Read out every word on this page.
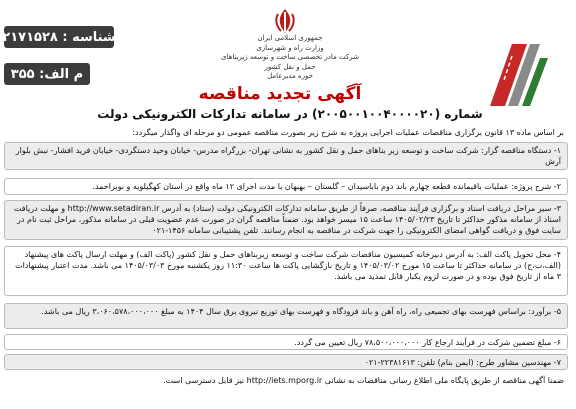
جمهوری اسلامی ایران
وزارت راه و شهرسازی
شرکت مادر تخصصی ساخت و توسعه زیربناهای حمل و نقل کشور
حوزه مدیرعامل
شناسه : ۲۱۷۱۵۲۸
م الف: ۳۵۵
آگهی تجدید مناقصه
شماره (۲۰۰۵۰۰۱۰۰۴۰۰۰۰۲۰) در سامانه تدارکات الکترونیکی دولت
بر اساس ماده ۱۳ قانون برگزاری مناقصات عملیات اجرایی پروژه به شرح زیر بصورت مناقصه عمومی دو مرحله ای واگذار میگردد:
۱- دستگاه مناقصه گزار: شرکت ساخت و توسعه زیر بناهای حمل و نقل کشور به نشانی تهران- بزرگراه مدرس- خیابان وحید دستگردی- خیابان فرید افشار- نبش بلوار آرش
۲- شرح پروژه: عملیات باقیمانده قطعه چهارم باند دوم باباسیدان – گلستان – بهبهان با مدت اجرای ۱۲ ماه واقع در استان کهگیلویه و بویراحمد.
۳- سیر مراحل دریافت اسناد و برگزاری فرآیند مناقصه، صرفاً از طریق سامانه تدارکات الکترونیکی دولت (ستاد) به آدرس http://www.setadiran.ir و مهلت دریافت اسناد از سامانه مذکور حداکثر تا تاریخ ۱۴۰۵/۰۲/۲۳ ساعت ۱۵ میسر خواهد بود. ضمناً مناقصه گران در صورت عدم عضویت قبلی در سامانه مذکور، مراحل ثبت نام در سایت فوق و دریافت گواهی امضای الکترونیکی را جهت شرکت در مناقصه به انجام رسانند. تلفن پشتیبانی سامانه ۱۴۵۶-۰۲۱
۴- محل تحویل پاکت الف: به آدرس دبیرخانه کمیسیون مناقصات شرکت ساخت و توسعه زیربناهای حمل و نقل کشور (پاکت الف) و مهلت ارسال پاکت های پیشنهاد (الف،ب،ج) در سامانه حداکثر تا ساعت ۱۵ مورخ ۱۴۰۵/۰۳/۰۲ و تاریخ بازگشایی پاکت ها ساعت ۱۱:۳۰ روز یکشنبه مورخ ۱۴۰۵/۰۳/۰۳ می باشد. مدت اعتبار پیشنهادات ۳ ماه از تاریخ فوق بوده و در صورت لزوم یکبار قابل تمدید می باشد.
۵- برآورد: براساس فهرست بهای تجمیعی راه، راه آهن و باند فرودگاه و فهرست بهای توزیع نیروی برق سال ۱۴۰۴ به مبلغ ۳،۰۶۰،۵۷۸،۰۰۰،۰۰۰ ریال می باشد.
۶- مبلغ تضمین شرکت در فرآیند ارجاع کار ۷۸،۵۰۰،۰۰۰،۰۰۰ ریال تعیین می گردد.
۷- مهندسین مشاور طرح: (ایمن بنام) تلفن: ۲۲۳۸۱۶۱۳-۰۲۱
ضمنا آگهی مناقصه از طریق پایگاه ملی اطلاع رسانی مناقصات به نشانی http://iets.mporg.ir نیز قابل دسترسی است.
